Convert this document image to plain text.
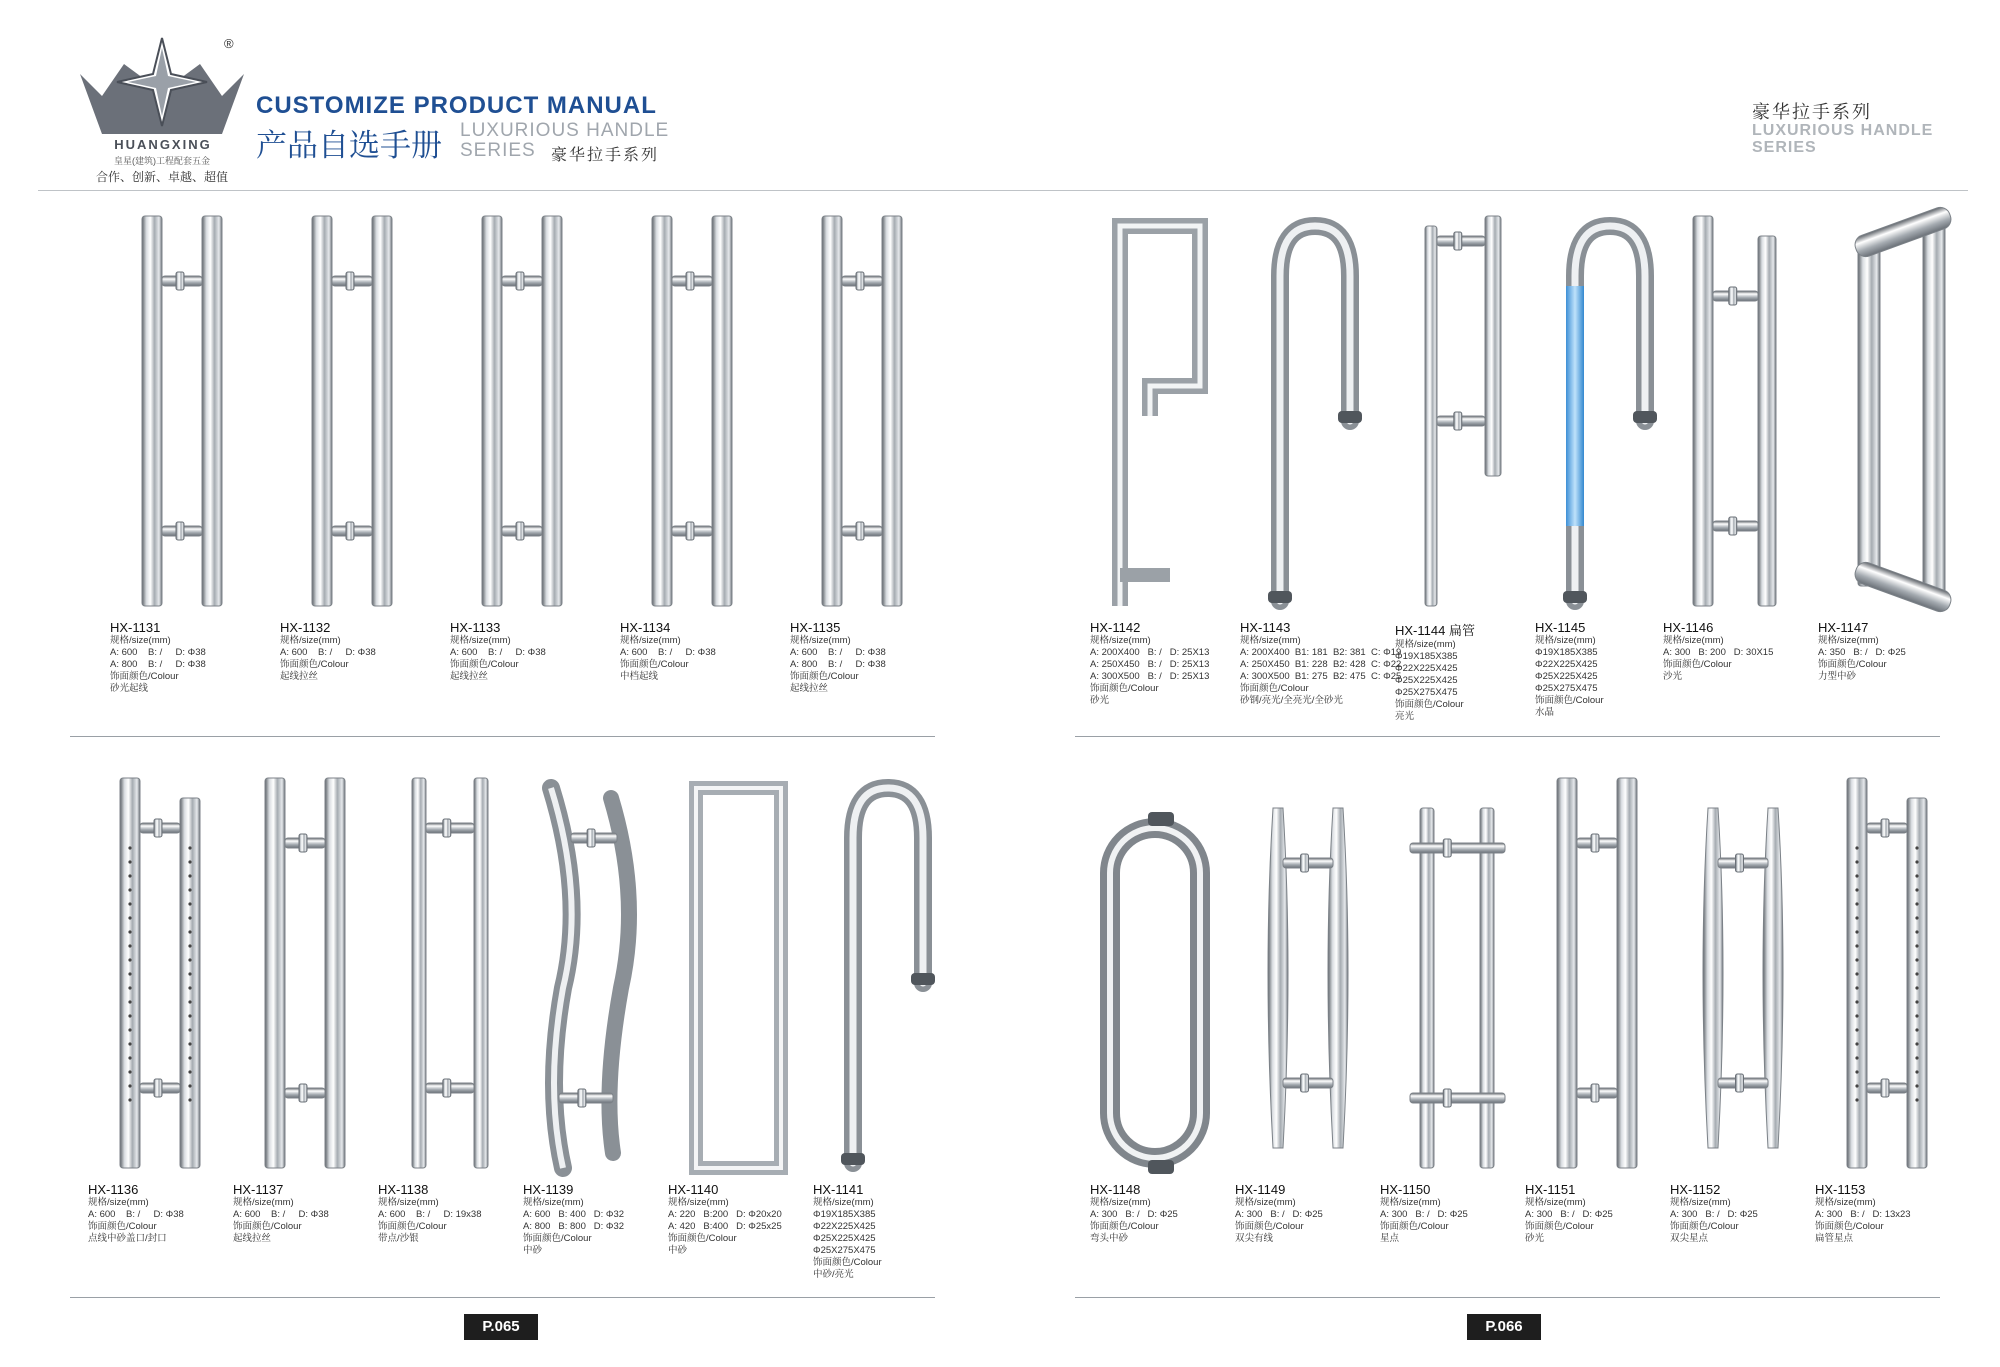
®
HUANGXING
皇星(建筑)工程配套五金
合作、创新、卓越、超值
CUSTOMIZE PRODUCT MANUAL
产品自选手册 LUXURIOUS HANDLE
SERIES 豪华拉手系列
豪华拉手系列
LUXURIOUS HANDLE
SERIES
HX-1131
规格/size(mm)
A: 600    B: /     D: Φ38
A: 800    B: /     D: Φ38
饰面颜色/Colour
砂光起线
HX-1132
规格/size(mm)
A: 600    B: /     D: Φ38
饰面颜色/Colour
起线拉丝
HX-1133
规格/size(mm)
A: 600    B: /     D: Φ38
饰面颜色/Colour
起线拉丝
HX-1134
规格/size(mm)
A: 600    B: /     D: Φ38
饰面颜色/Colour
中档起线
HX-1135
规格/size(mm)
A: 600    B: /     D: Φ38
A: 800    B: /     D: Φ38
饰面颜色/Colour
起线拉丝
HX-1142
规格/size(mm)
A: 200X400   B: /   D: 25X13
A: 250X450   B: /   D: 25X13
A: 300X500   B: /   D: 25X13
饰面颜色/Colour
砂光
HX-1143
规格/size(mm)
A: 200X400  B1: 181  B2: 381  C: Φ19
A: 250X450  B1: 228  B2: 428  C: Φ22
A: 300X500  B1: 275  B2: 475  C: Φ25
饰面颜色/Colour
砂钢/亮光/全亮光/全砂光
HX-1144 扁管
规格/size(mm)
Φ19X185X385
Φ22X225X425
Φ25X225X425
Φ25X275X475
饰面颜色/Colour
亮光
HX-1145
规格/size(mm)
Φ19X185X385
Φ22X225X425
Φ25X225X425
Φ25X275X475
饰面颜色/Colour
水晶
HX-1146
规格/size(mm)
A: 300   B: 200   D: 30X15
饰面颜色/Colour
沙光
HX-1147
规格/size(mm)
A: 350   B: /   D: Φ25
饰面颜色/Colour
力型中砂
HX-1136
规格/size(mm)
A: 600    B: /     D: Φ38
饰面颜色/Colour
点线中砂盖口/封口
HX-1137
规格/size(mm)
A: 600    B: /     D: Φ38
饰面颜色/Colour
起线拉丝
HX-1138
规格/size(mm)
A: 600    B: /     D: 19x38
饰面颜色/Colour
带点/沙银
HX-1139
规格/size(mm)
A: 600   B: 400   D: Φ32
A: 800   B: 800   D: Φ32
饰面颜色/Colour
中砂
HX-1140
规格/size(mm)
A: 220   B:200   D: Φ20x20
A: 420   B:400   D: Φ25x25
饰面颜色/Colour
中砂
HX-1141
规格/size(mm)
Φ19X185X385
Φ22X225X425
Φ25X225X425
Φ25X275X475
饰面颜色/Colour
中砂/亮光
HX-1148
规格/size(mm)
A: 300   B: /   D: Φ25
饰面颜色/Colour
弯头中砂
HX-1149
规格/size(mm)
A: 300   B: /   D: Φ25
饰面颜色/Colour
双尖有线
HX-1150
规格/size(mm)
A: 300   B: /   D: Φ25
饰面颜色/Colour
星点
HX-1151
规格/size(mm)
A: 300   B: /   D: Φ25
饰面颜色/Colour
砂光
HX-1152
规格/size(mm)
A: 300   B: /   D: Φ25
饰面颜色/Colour
双尖星点
HX-1153
规格/size(mm)
A: 300   B: /   D: 13x23
饰面颜色/Colour
扁管星点
P.065	P.066
